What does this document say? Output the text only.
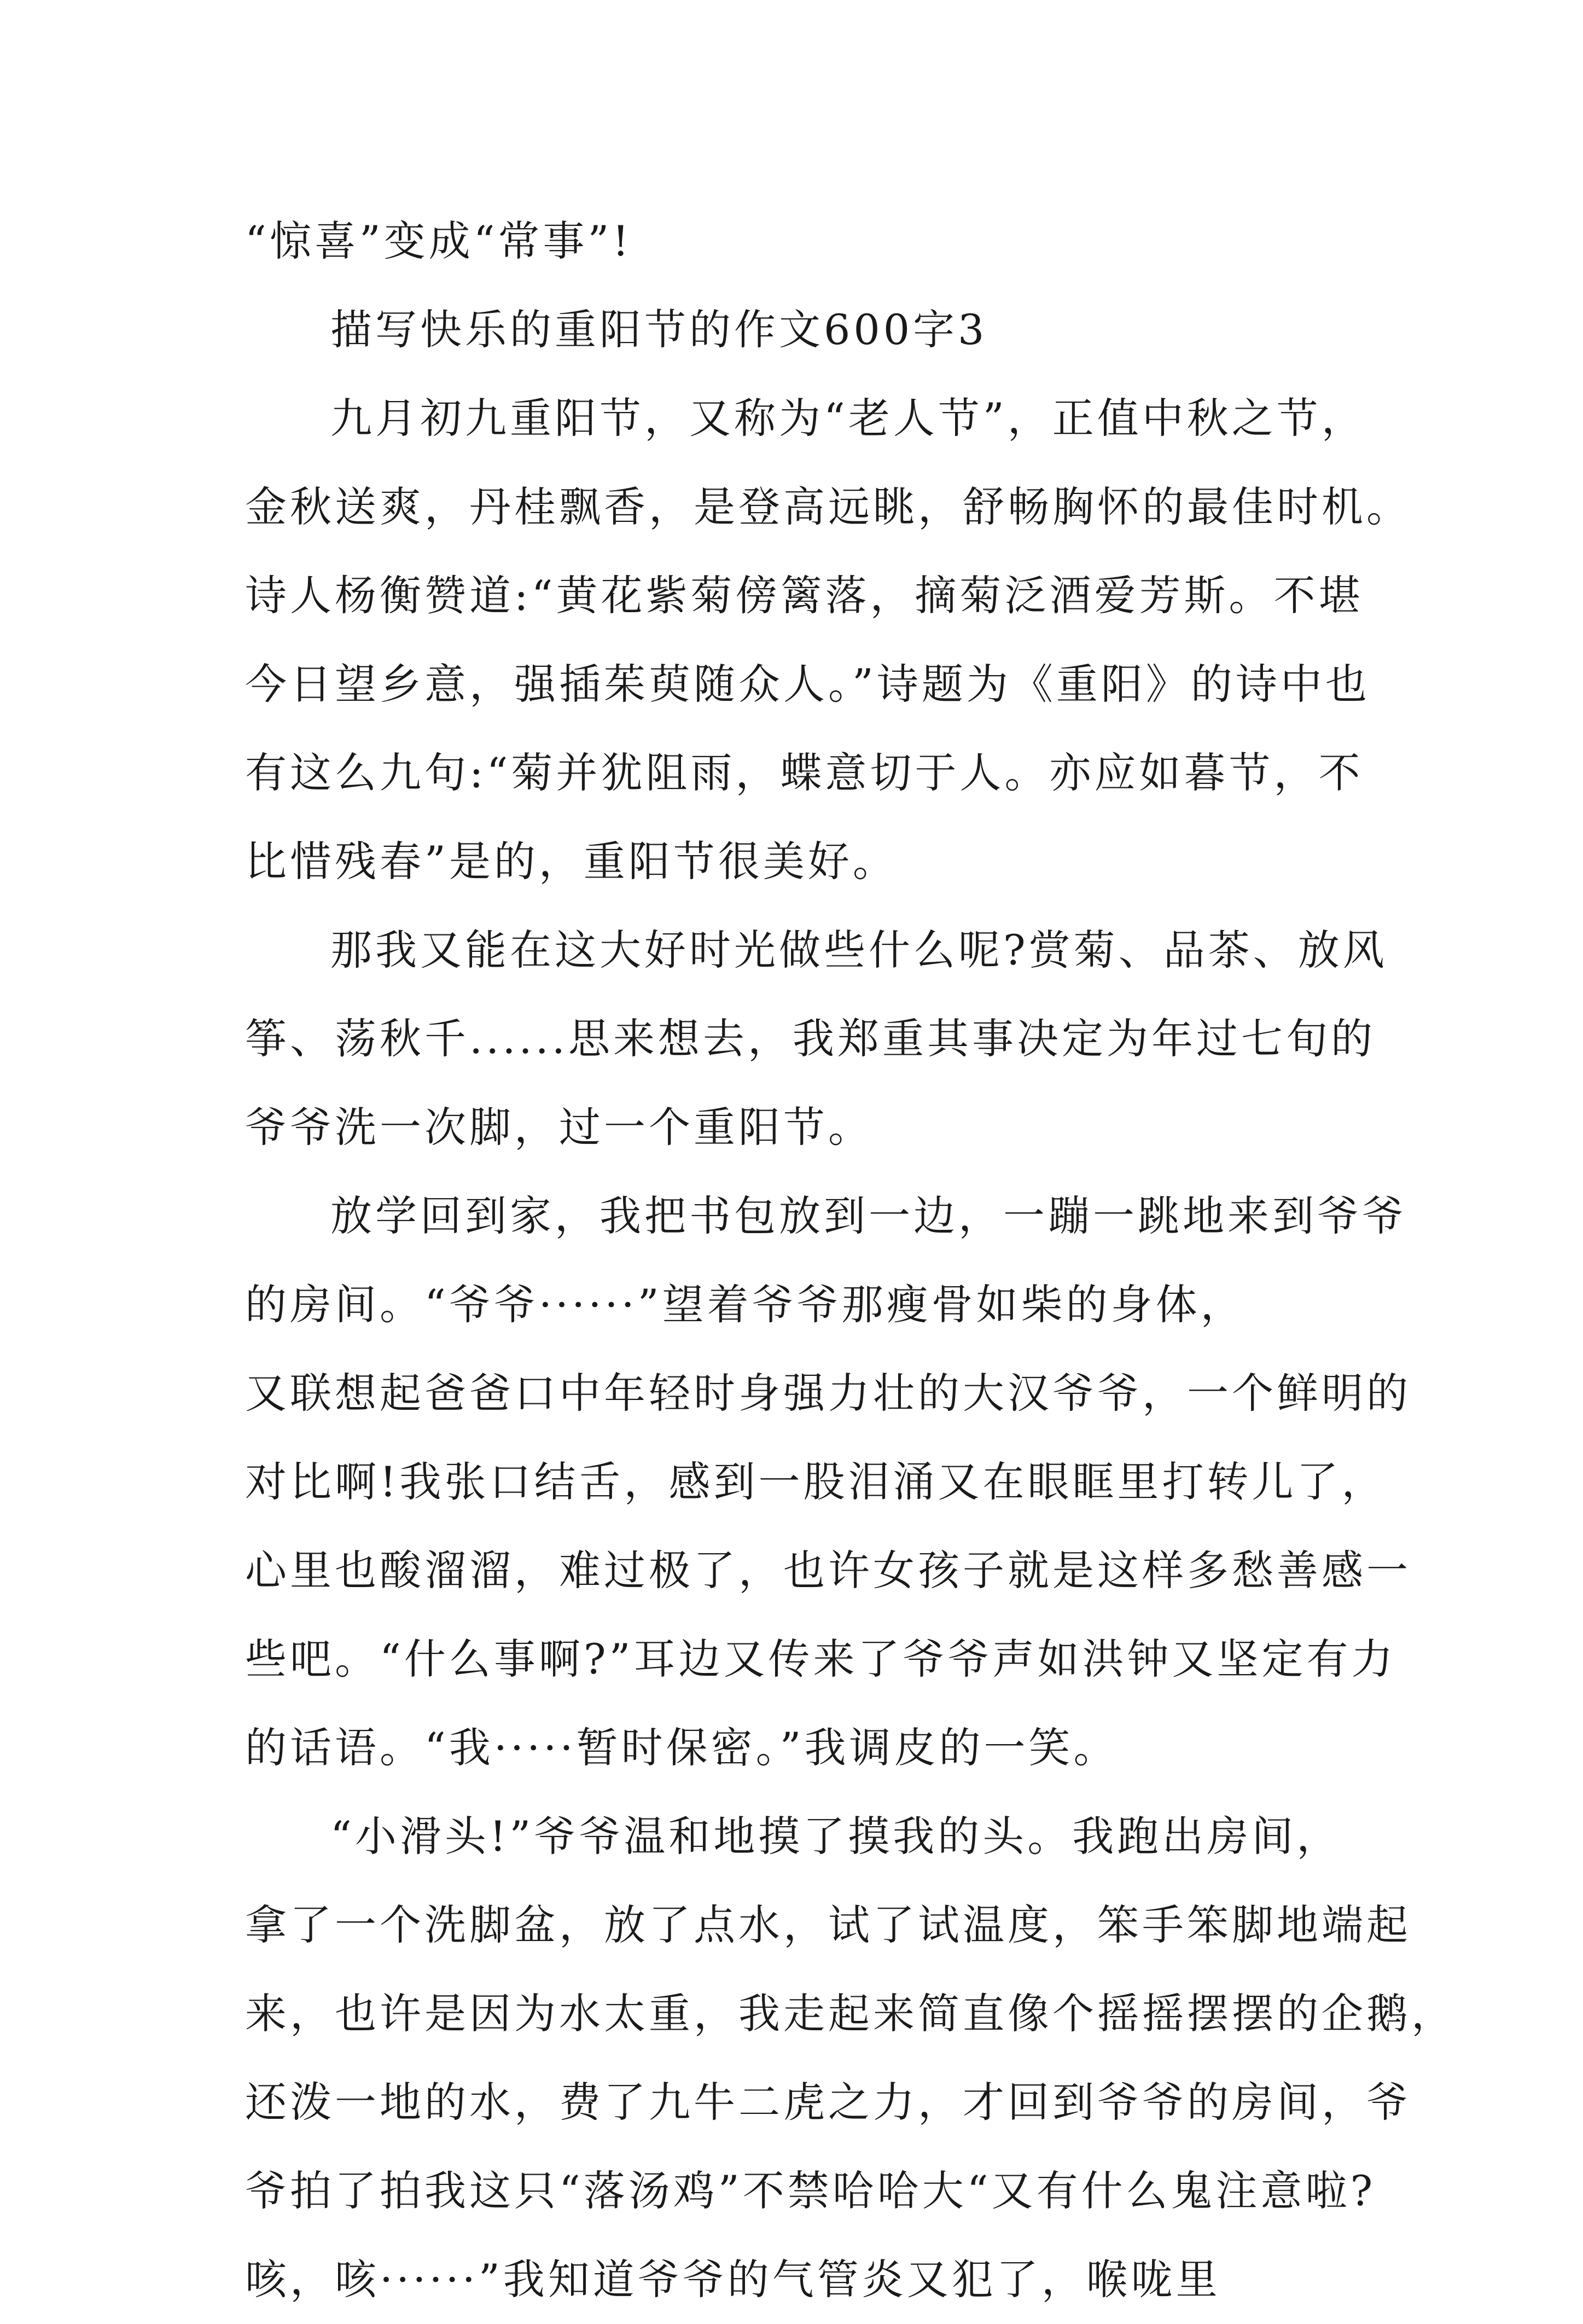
“惊喜”变成“常事”!
描写快乐的重阳节的作文600字3
九月初九重阳节，又称为“老人节”，正值中秋之节，
金秋送爽，丹桂飘香，是登高远眺，舒畅胸怀的最佳时机。
诗人杨衡赞道:“黄花紫菊傍篱落，摘菊泛酒爱芳斯。不堪
今日望乡意，强插茱萸随众人。”诗题为《重阳》的诗中也
有这么九句:“菊并犹阻雨，蝶意切于人。亦应如暮节，不
比惜残春”是的，重阳节很美好。
那我又能在这大好时光做些什么呢?赏菊、品茶、放风
筝、荡秋千......思来想去，我郑重其事决定为年过七旬的
爷爷洗一次脚，过一个重阳节。
放学回到家，我把书包放到一边，一蹦一跳地来到爷爷
的房间。“爷爷······”望着爷爷那瘦骨如柴的身体，
又联想起爸爸口中年轻时身强力壮的大汉爷爷，一个鲜明的
对比啊!我张口结舌，感到一股泪涌又在眼眶里打转儿了，
心里也酸溜溜，难过极了，也许女孩子就是这样多愁善感一
些吧。“什么事啊?”耳边又传来了爷爷声如洪钟又坚定有力
的话语。“我·····暂时保密。”我调皮的一笑。
“小滑头!”爷爷温和地摸了摸我的头。我跑出房间，
拿了一个洗脚盆，放了点水，试了试温度，笨手笨脚地端起
来，也许是因为水太重，我走起来简直像个摇摇摆摆的企鹅，
还泼一地的水，费了九牛二虎之力，才回到爷爷的房间，爷
爷拍了拍我这只“落汤鸡”不禁哈哈大“又有什么鬼注意啦?
咳，咳······”我知道爷爷的气管炎又犯了，喉咙里
